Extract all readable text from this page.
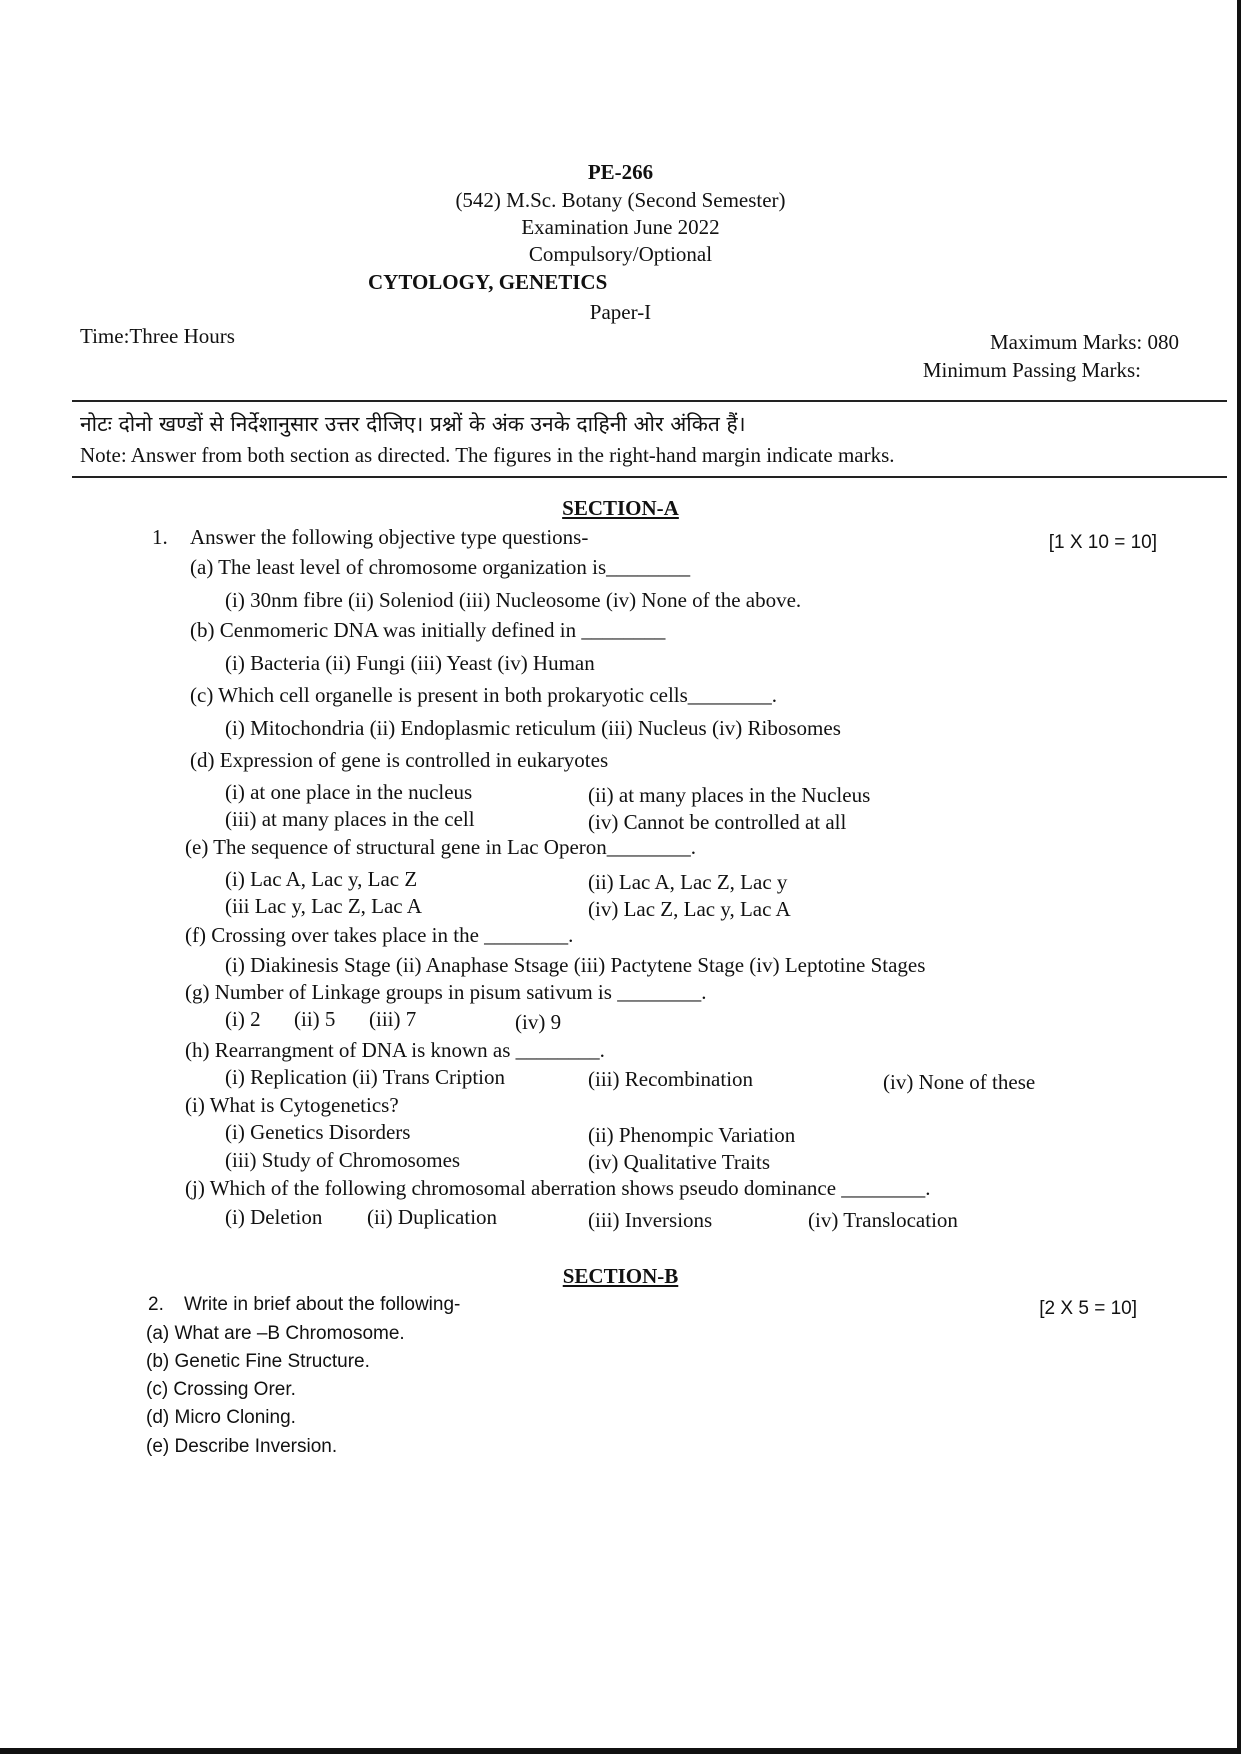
PE-266
(542) M.Sc. Botany (Second Semester)
Examination June 2022
Compulsory/Optional
CYTOLOGY, GENETICS
Paper-I
Time:Three Hours	Maximum Marks: 080
Minimum Passing Marks:
नोटः दोनो खण्डों से निर्देशानुसार उत्तर दीजिए। प्रश्नों के अंक उनके दाहिनी ओर अंकित हैं।
Note: Answer from both section as directed. The figures in the right-hand margin indicate marks.
SECTION-A
1. Answer the following objective type questions-	[1 X 10 = 10]
(a) The least level of chromosome organization is________
(i) 30nm fibre (ii) Soleniod (iii) Nucleosome (iv) None of the above.
(b) Cenmomeric DNA was initially defined in ________
(i) Bacteria (ii) Fungi (iii) Yeast (iv) Human
(c) Which cell organelle is present in both prokaryotic cells________.
(i) Mitochondria (ii) Endoplasmic reticulum (iii) Nucleus (iv) Ribosomes
(d) Expression of gene is controlled in eukaryotes
(i) at one place in the nucleus	(ii) at many places in the Nucleus
(iii) at many places in the cell	(iv) Cannot be controlled at all
(e) The sequence of structural gene in Lac Operon________.
(i) Lac A, Lac y, Lac Z	(ii) Lac A, Lac Z, Lac y
(iii Lac y, Lac Z, Lac A	(iv) Lac Z, Lac y, Lac A
(f) Crossing over takes place in the ________.
(i) Diakinesis Stage (ii) Anaphase Stsage (iii) Pactytene Stage (iv) Leptotine Stages
(g) Number of Linkage groups in pisum sativum is ________.
(i) 2 (ii) 5 (iii) 7	(iv) 9
(h) Rearrangment of DNA is known as ________.
(i) Replication (ii) Trans Cription	(iii) Recombination	(iv) None of these
(i) What is Cytogenetics?
(i) Genetics Disorders	(ii) Phenompic Variation
(iii) Study of Chromosomes	(iv) Qualitative Traits
(j) Which of the following chromosomal aberration shows pseudo dominance ________.
(i) Deletion (ii) Duplication	(iii) Inversions	(iv) Translocation
SECTION-B
2. Write in brief about the following-	[2 X 5 = 10]
(a) What are –B Chromosome.
(b) Genetic Fine Structure.
(c) Crossing Orer.
(d) Micro Cloning.
(e) Describe Inversion.
